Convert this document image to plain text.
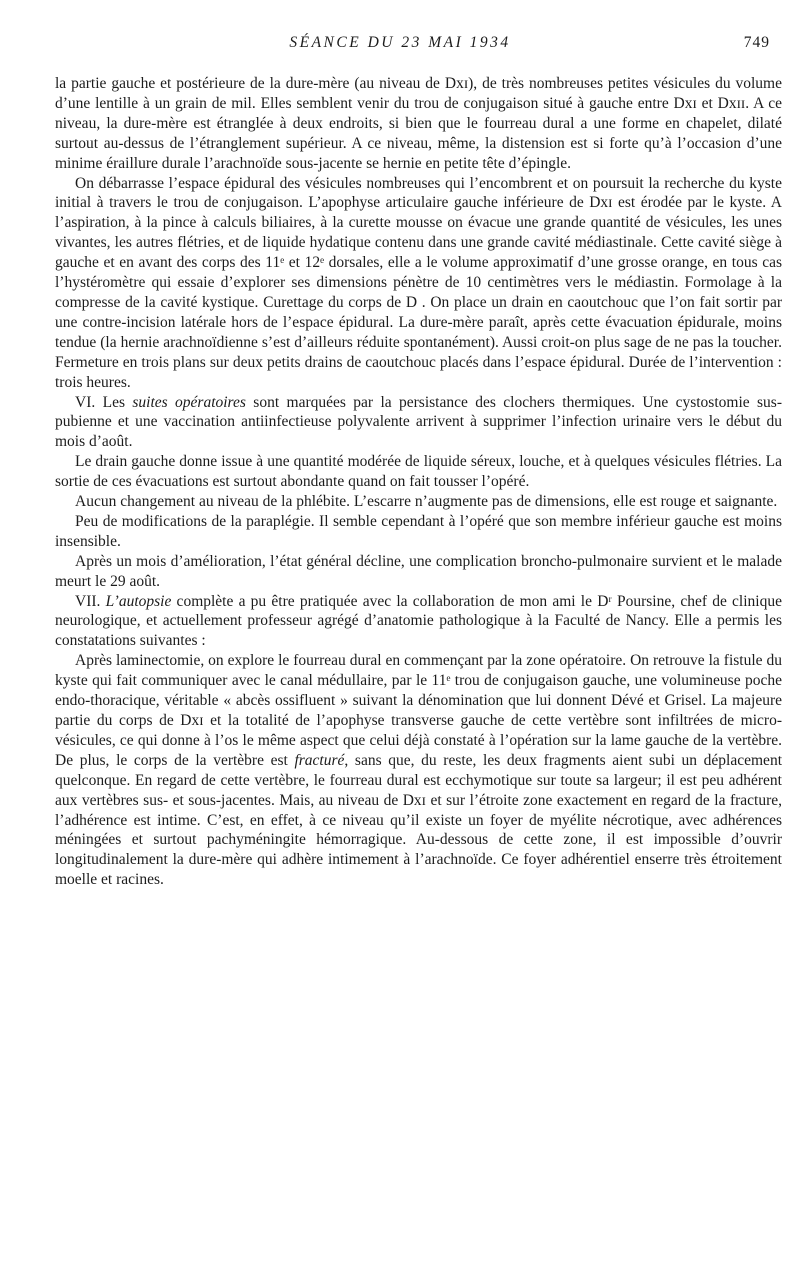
SÉANCE DU 23 MAI 1934	749

la partie gauche et postérieure de la dure-mère (au niveau de Dxɪ), de très nombreuses petites vésicules du volume d’une lentille à un grain de mil. Elles semblent venir du trou de conjugaison situé à gauche entre Dxɪ et Dxɪɪ. A ce niveau, la dure-mère est étranglée à deux endroits, si bien que le fourreau dural a une forme en chapelet, dilaté surtout au-dessus de l’étranglement supérieur. A ce niveau, même, la distension est si forte qu’à l’occasion d’une minime éraillure durale l’arachnoïde sous-jacente se hernie en petite tête d’épingle.

On débarrasse l’espace épidural des vésicules nombreuses qui l’encombrent et on poursuit la recherche du kyste initial à travers le trou de conjugaison. L’apophyse articulaire gauche inférieure de Dxɪ est érodée par le kyste. A l’aspiration, à la pince à calculs biliaires, à la curette mousse on évacue une grande quantité de vésicules, les unes vivantes, les autres flétries, et de liquide hydatique contenu dans une grande cavité médiastinale. Cette cavité siège à gauche et en avant des corps des 11ᵉ et 12ᵉ dorsales, elle a le volume approximatif d’une grosse orange, en tous cas l’hystéromètre qui essaie d’explorer ses dimensions pénètre de 10 centimètres vers le médiastin. Formolage à la compresse de la cavité kystique. Curettage du corps de D . On place un drain en caoutchouc que l’on fait sortir par une contre-incision latérale hors de l’espace épidural. La dure-mère paraît, après cette évacuation épidurale, moins tendue (la hernie arachnoïdienne s’est d’ailleurs réduite spontanément). Aussi croit-on plus sage de ne pas la toucher. Fermeture en trois plans sur deux petits drains de caoutchouc placés dans l’espace épidural. Durée de l’intervention : trois heures.

VI. Les suites opératoires sont marquées par la persistance des clochers thermiques. Une cystostomie sus-pubienne et une vaccination antiinfectieuse polyvalente arrivent à supprimer l’infection urinaire vers le début du mois d’août.

Le drain gauche donne issue à une quantité modérée de liquide séreux, louche, et à quelques vésicules flétries. La sortie de ces évacuations est surtout abondante quand on fait tousser l’opéré.

Aucun changement au niveau de la phlébite. L’escarre n’augmente pas de dimensions, elle est rouge et saignante.

Peu de modifications de la paraplégie. Il semble cependant à l’opéré que son membre inférieur gauche est moins insensible.

Après un mois d’amélioration, l’état général décline, une complication broncho-pulmonaire survient et le malade meurt le 29 août.

VII. L’autopsie complète a pu être pratiquée avec la collaboration de mon ami le Dʳ Poursine, chef de clinique neurologique, et actuellement professeur agrégé d’anatomie pathologique à la Faculté de Nancy. Elle a permis les constatations suivantes :

Après laminectomie, on explore le fourreau dural en commençant par la zone opératoire. On retrouve la fistule du kyste qui fait communiquer avec le canal médullaire, par le 11ᵉ trou de conjugaison gauche, une volumineuse poche endo-thoracique, véritable « abcès ossifluent » suivant la dénomination que lui donnent Dévé et Grisel. La majeure partie du corps de Dxɪ et la totalité de l’apophyse transverse gauche de cette vertèbre sont infiltrées de micro-vésicules, ce qui donne à l’os le même aspect que celui déjà constaté à l’opération sur la lame gauche de la vertèbre. De plus, le corps de la vertèbre est fracturé, sans que, du reste, les deux fragments aient subi un déplacement quelconque. En regard de cette vertèbre, le fourreau dural est ecchymotique sur toute sa largeur; il est peu adhérent aux vertèbres sus- et sous-jacentes. Mais, au niveau de Dxɪ et sur l’étroite zone exactement en regard de la fracture, l’adhérence est intime. C’est, en effet, à ce niveau qu’il existe un foyer de myélite nécrotique, avec adhérences méningées et surtout pachyméningite hémorragique. Au-dessous de cette zone, il est impossible d’ouvrir longitudinalement la dure-mère qui adhère intimement à l’arachnoïde. Ce foyer adhérentiel enserre très étroitement moelle et racines.
